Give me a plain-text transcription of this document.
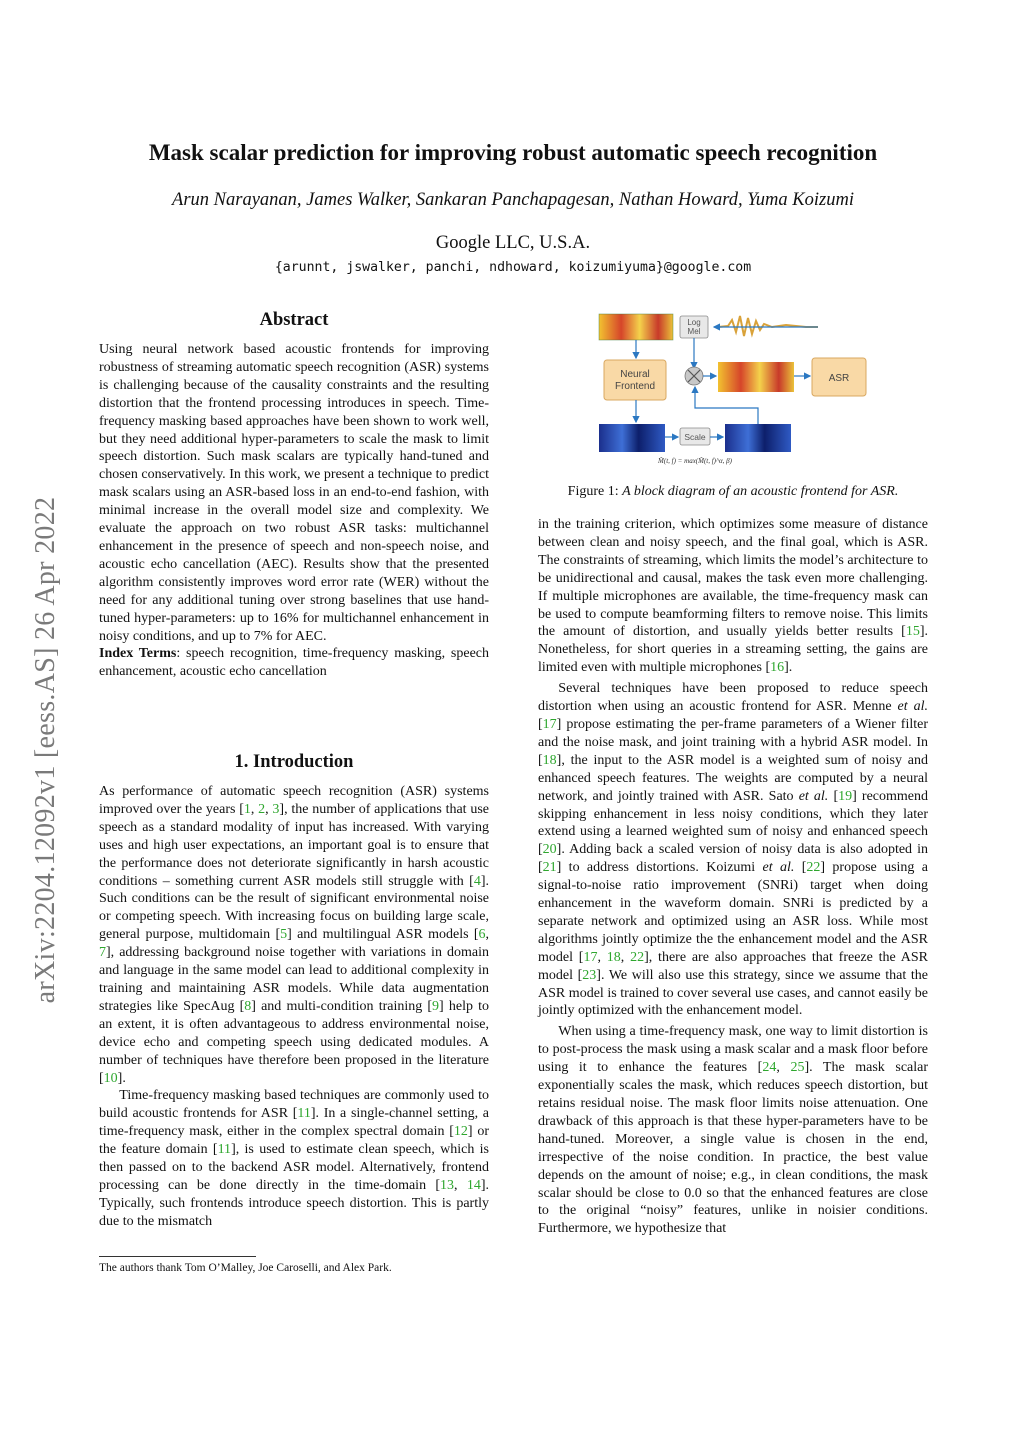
arXiv:2204.12092v1 [eess.AS] 26 Apr 2022
Mask scalar prediction for improving robust automatic speech recognition
Arun Narayanan, James Walker, Sankaran Panchapagesan, Nathan Howard, Yuma Koizumi
Google LLC, U.S.A.
{arunnt, jswalker, panchi, ndhoward, koizumiyuma}@google.com
Abstract

Using neural network based acoustic frontends for improving robustness of streaming automatic speech recognition (ASR) systems is challenging because of the causality constraints and the resulting distortion that the frontend processing introduces in speech. Time-frequency masking based approaches have been shown to work well, but they need additional hyper-parameters to scale the mask to limit speech distortion. Such mask scalars are typically hand-tuned and chosen conservatively. In this work, we present a technique to predict mask scalars using an ASR-based loss in an end-to-end fashion, with minimal increase in the overall model size and complexity. We evaluate the approach on two robust ASR tasks: multichannel enhancement in the presence of speech and non-speech noise, and acoustic echo cancellation (AEC). Results show that the presented algorithm consistently improves word error rate (WER) without the need for any additional tuning over strong baselines that use hand-tuned hyper-parameters: up to 16% for multichannel enhancement in noisy conditions, and up to 7% for AEC.

Index Terms: speech recognition, time-frequency masking, speech enhancement, acoustic echo cancellation

1. Introduction

As performance of automatic speech recognition (ASR) systems improved over the years [1, 2, 3], the number of applications that use speech as a standard modality of input has increased. With varying uses and high user expectations, an important goal is to ensure that the performance does not deteriorate significantly in harsh acoustic conditions – something current ASR models still struggle with [4]. Such conditions can be the result of significant environmental noise or competing speech. With increasing focus on building large scale, general purpose, multidomain [5] and multilingual ASR models [6, 7], addressing background noise together with variations in domain and language in the same model can lead to additional complexity in training and maintaining ASR models. While data augmentation strategies like SpecAug [8] and multi-condition training [9] help to an extent, it is often advantageous to address environmental noise, device echo and competing speech using dedicated modules. A number of techniques have therefore been proposed in the literature [10].

Time-frequency masking based techniques are commonly used to build acoustic frontends for ASR [11]. In a single-channel setting, a time-frequency mask, either in the complex spectral domain [12] or the feature domain [11], is used to estimate clean speech, which is then passed on to the backend ASR model. Alternatively, frontend processing can be done directly in the time-domain [13, 14]. Typically, such frontends introduce speech distortion. This is partly due to the mismatch

in the training criterion, which optimizes some measure of distance between clean and noisy speech, and the final goal, which is ASR. The constraints of streaming, which limits the model’s architecture to be unidirectional and causal, makes the task even more challenging. If multiple microphones are available, the time-frequency mask can be used to compute beamforming filters to remove noise. This limits the amount of distortion, and usually yields better results [15]. Nonetheless, for short queries in a streaming setting, the gains are limited even with multiple microphones [16].

Several techniques have been proposed to reduce speech distortion when using an acoustic frontend for ASR. Menne et al. [17] propose estimating the per-frame parameters of a Wiener filter and the noise mask, and joint training with a hybrid ASR model. In [18], the input to the ASR model is a weighted sum of noisy and enhanced speech features. The weights are computed by a neural network, and jointly trained with ASR. Sato et al. [19] recommend skipping enhancement in less noisy conditions, which they later extend using a learned weighted sum of noisy and enhanced speech [20]. Adding back a scaled version of noisy data is also adopted in [21] to address distortions. Koizumi et al. [22] propose using a signal-to-noise ratio improvement (SNRi) target when doing enhancement in the waveform domain. SNRi is predicted by a separate network and optimized using an ASR loss. While most algorithms jointly optimize the the enhancement model and the ASR model [17, 18, 22], there are also approaches that freeze the ASR model [23]. We will also use this strategy, since we assume that the ASR model is trained to cover several use cases, and cannot easily be jointly optimized with the enhancement model.

When using a time-frequency mask, one way to limit distortion is to post-process the mask using a mask scalar and a mask floor before using it to enhance the features [24, 25]. The mask scalar exponentially scales the mask, which reduces speech distortion, but retains residual noise. The mask floor limits noise attenuation. One drawback of this approach is that these hyper-parameters have to be hand-tuned. Moreover, a single value is chosen in the end, irrespective of the noise condition. In practice, the best value depends on the amount of noise; e.g., in clean conditions, the mask scalar should be close to 0.0 so that the enhanced features are close to the original “noisy” features, unlike in noisier conditions. Furthermore, we hypothesize that

The authors thank Tom O’Malley, Joe Caroselli, and Alex Park.
Log
Mel
Neural
Frontend
ASR
Scale
M̂(t, f) = max(M̂(t, f)^α, β)
Figure 1: A block diagram of an acoustic frontend for ASR.
